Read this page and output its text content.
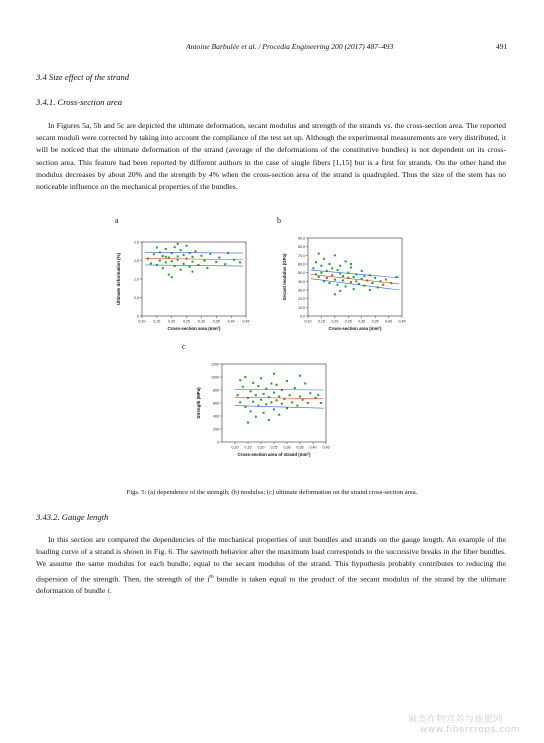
Antoine Barbulée et al. / Procedia Engineering 200 (2017) 487–493	491
3.4 Size effect of the strand
3.4.1. Cross-section area

In Figures 5a, 5b and 5c are depicted the ultimate deformation, secant modulus and strength of the strands vs. the cross-section area. The reported secant moduli were corrected by taking into account the compliance of the test set up. Although the experimental measurements are very distributed, it will be noticed that the ultimate deformation of the strand (average of the deformations of the constitutive bundles) is not dependent on its cross-section area. This feature had been reported by different authors in the case of single fibers [1,15] but is a first for strands. On the other hand the modulus decreases by about 20% and the strength by 4% when the cross-section area of the strand is quadrupled. Thus the size of the stem has no noticeable influence on the mechanical properties of the bundles.

a	b
c
0
0,5
1,0
1,5
2,0
0,10 0,15 0,20 0,25 0,30 0,35 0,40 0,45
Cross-section area (mm²)
Ultimate deformation (%)
0,0
10,0
20,0
30,0
40,0
50,0
60,0
70,0
80,0
90,0
0,10 0,15 0,20 0,25 0,30 0,35 0,40 0,45
Cross-section area (mm²)
Secant modulus (GPa)
0
200
400
600
800
1000
1200
0,10 0,15 0,20 0,25 0,30 0,35 0,40 0,45
Cross-section area of strand (mm²)
Strength (MPa)
Figs. 5: (a) dependence of the strength; (b) modulus; (c) ultimate deformation on the strand cross-section area.
3.43.2. Gauge length

In this section are compared the dependencies of the mechanical properties of unit bundles and strands on the gauge length. An example of the loading curve of a strand is shown in Fig. 6. The sawtooth behavior after the maximum load corresponds to the successive breaks in the fiber bundles. We assume the same modulus for each bundle, equal to the secant modulus of the strand. This hypothesis probably contributes to reducing the dispersion of the strength. Then, the strength of the $i^{th}$ bundle is taken equal to the product of the secant modulus of the strand by the ultimate deformation of bundle i.

麻类作物营养与施肥网
www.fibercrops.com
